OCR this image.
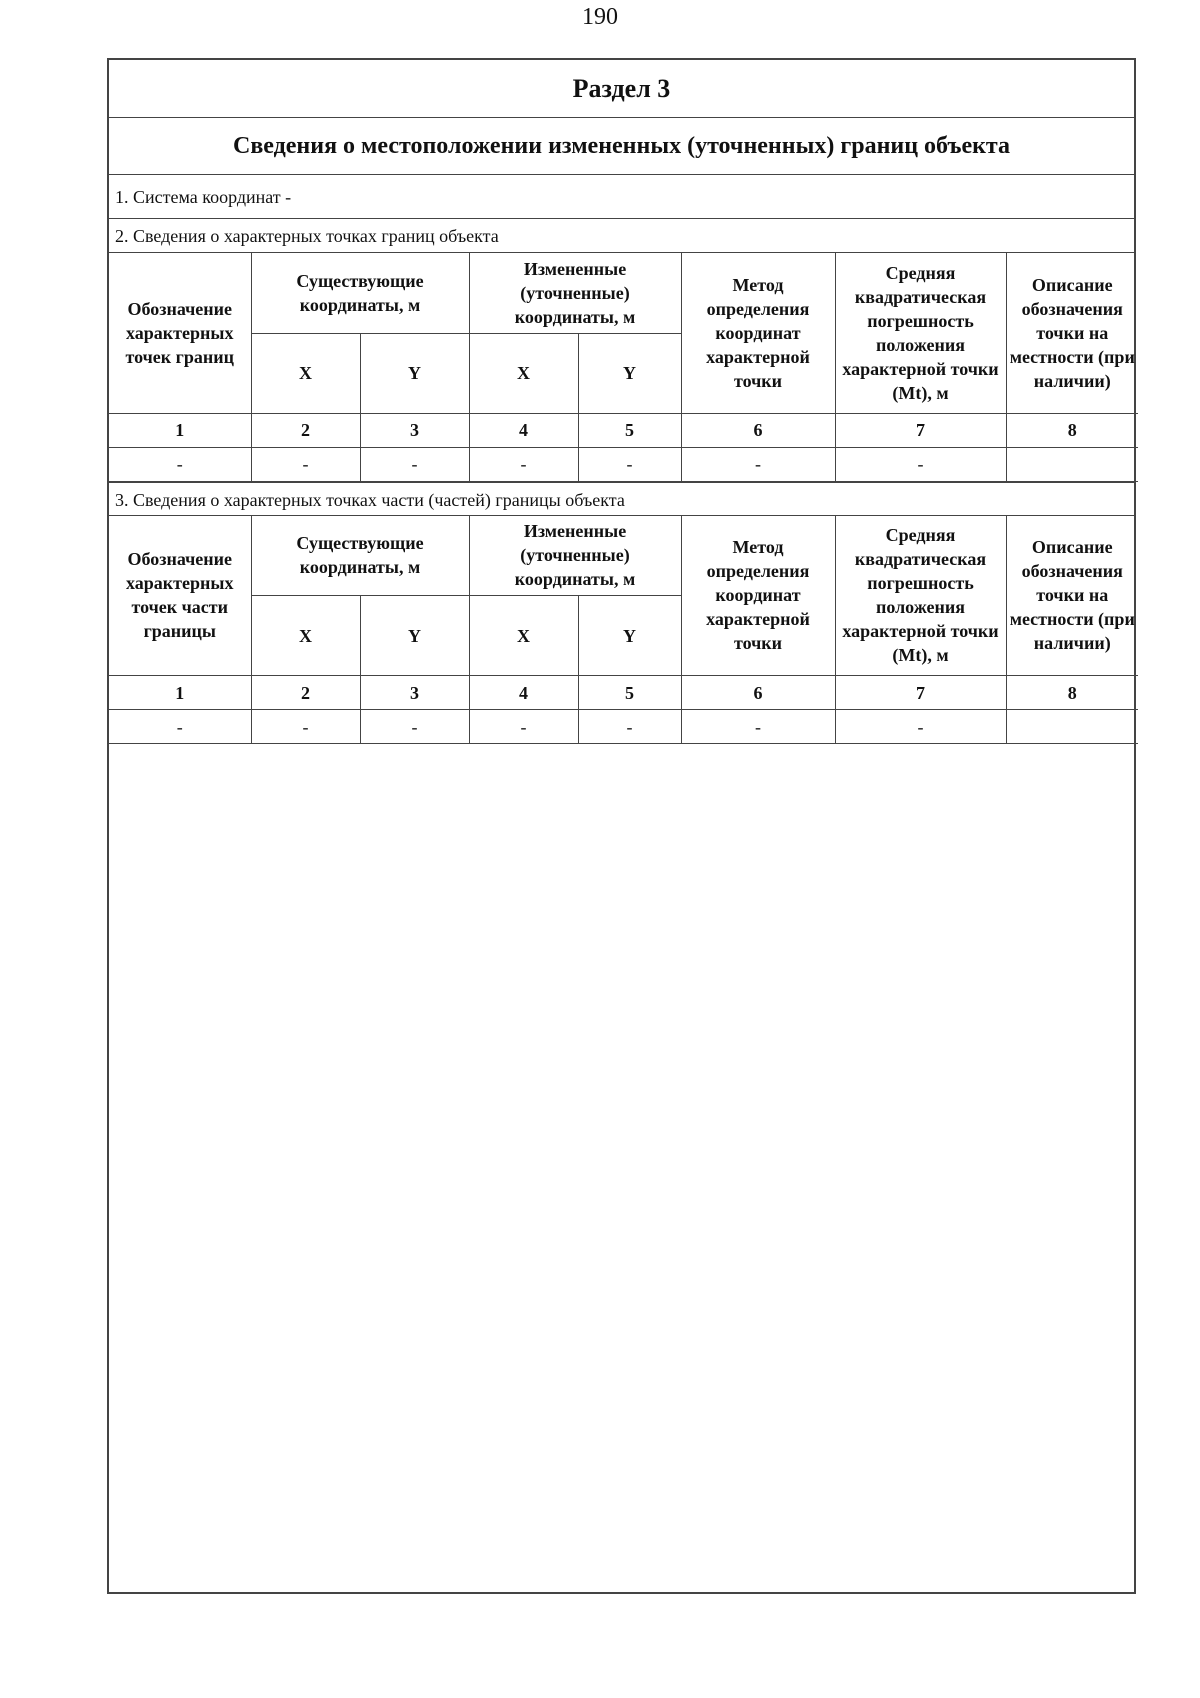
190
Раздел 3
Сведения о местоположении измененных (уточненных) границ объекта
1. Система координат -
2. Сведения о характерных точках границ объекта
Обозначение характерных точек границ	Существующие координаты, м		Измененные (уточненные) координаты, м		Метод определения координат характерной точки	Средняя квадратическая погрешность положения характерной точки (Mt), м	Описание обозначения точки на местности (при наличии)
	X	Y	X	Y			
1	2	3	4	5	6	7	8
-	-	-	-	-	-	-	
3. Сведения о характерных точках части (частей) границы объекта
Обозначение характерных точек части границы	Существующие координаты, м		Измененные (уточненные) координаты, м		Метод определения координат характерной точки	Средняя квадратическая погрешность положения характерной точки (Mt), м	Описание обозначения точки на местности (при наличии)
	X	Y	X	Y			
1	2	3	4	5	6	7	8
-	-	-	-	-	-	-	
